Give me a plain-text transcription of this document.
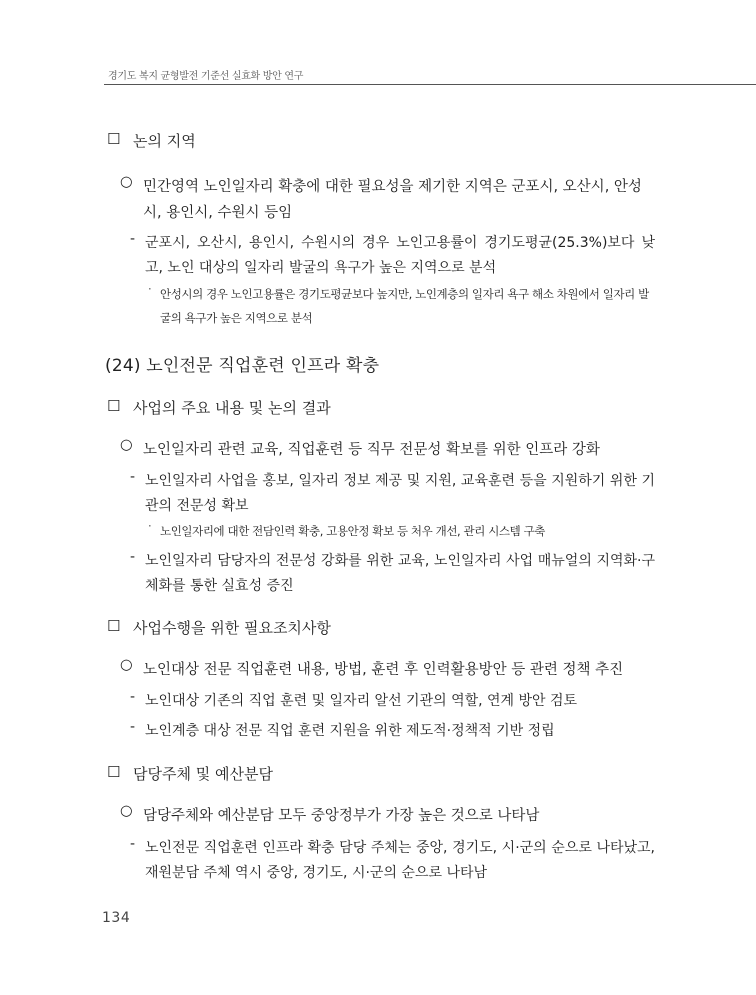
경기도 복지 균형발전 기준선 실효화 방안 연구
☐ 논의 지역
○ 민간영역 노인일자리 확충에 대한 필요성을 제기한 지역은 군포시, 오산시, 안성시, 용인시, 수원시 등임
- 군포시, 오산시, 용인시, 수원시의 경우 노인고용률이 경기도평균(25.3%)보다 낮고, 노인 대상의 일자리 발굴의 욕구가 높은 지역으로 분석
· 안성시의 경우 노인고용률은 경기도평균보다 높지만, 노인계층의 일자리 욕구 해소 차원에서 일자리 발굴의 욕구가 높은 지역으로 분석
(24) 노인전문 직업훈련 인프라 확충
☐ 사업의 주요 내용 및 논의 결과
○ 노인일자리 관련 교육, 직업훈련 등 직무 전문성 확보를 위한 인프라 강화
- 노인일자리 사업을 홍보, 일자리 정보 제공 및 지원, 교육훈련 등을 지원하기 위한 기관의 전문성 확보
· 노인일자리에 대한 전담인력 확충, 고용안정 확보 등 처우 개선, 관리 시스템 구축
- 노인일자리 담당자의 전문성 강화를 위한 교육, 노인일자리 사업 매뉴얼의 지역화·구체화를 통한 실효성 증진
☐ 사업수행을 위한 필요조치사항
○ 노인대상 전문 직업훈련 내용, 방법, 훈련 후 인력활용방안 등 관련 정책 추진
- 노인대상 기존의 직업 훈련 및 일자리 알선 기관의 역할, 연계 방안 검토
- 노인계층 대상 전문 직업 훈련 지원을 위한 제도적·정책적 기반 정립
☐ 담당주체 및 예산분담
○ 담당주체와 예산분담 모두 중앙정부가 가장 높은 것으로 나타남
- 노인전문 직업훈련 인프라 확충 담당 주체는 중앙, 경기도, 시·군의 순으로 나타났고, 재원분담 주체 역시 중앙, 경기도, 시·군의 순으로 나타남
134
